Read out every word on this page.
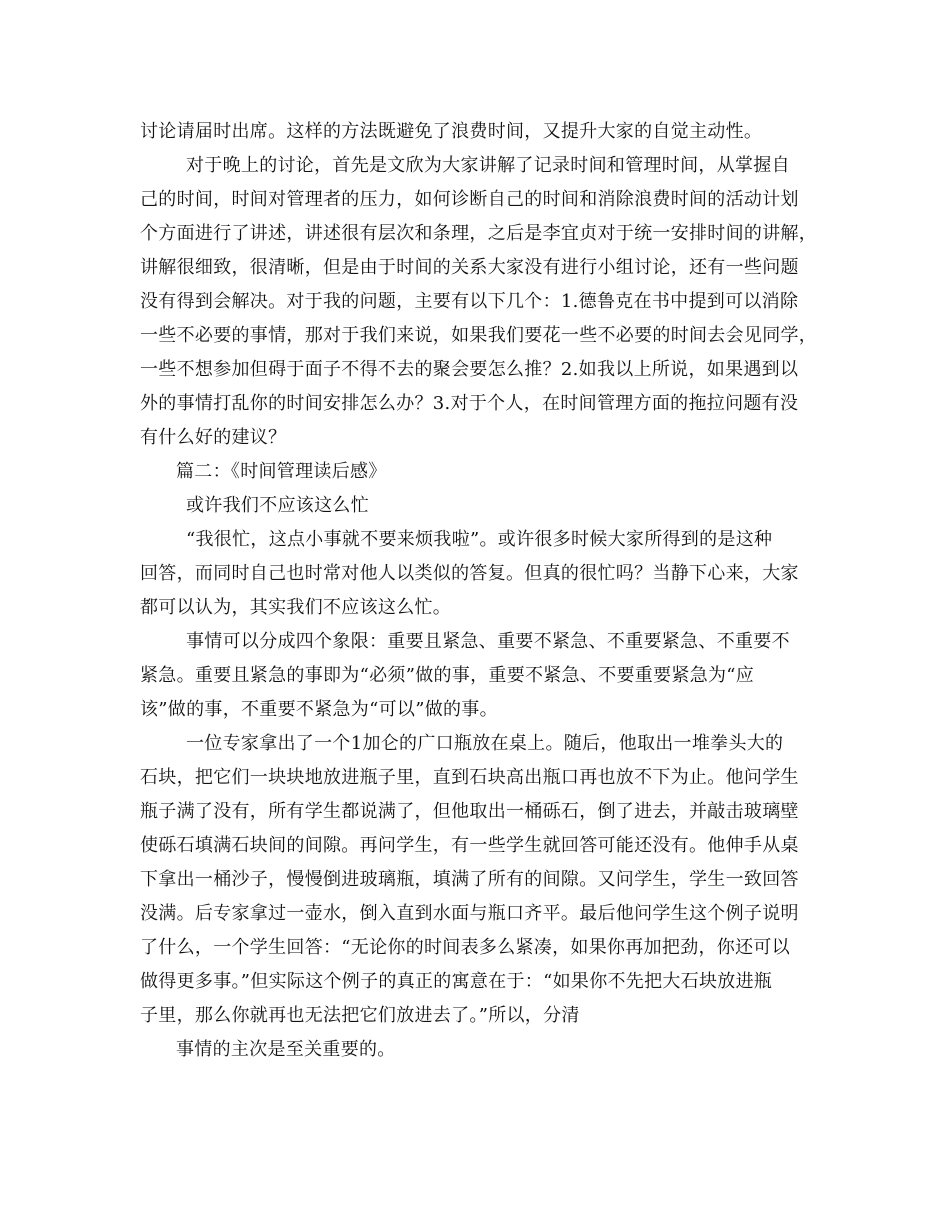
讨论请届时出席。这样的方法既避免了浪费时间，又提升大家的自觉主动性。
对于晚上的讨论，首先是文欣为大家讲解了记录时间和管理时间，从掌握自
己的时间，时间对管理者的压力，如何诊断自己的时间和消除浪费时间的活动计划
个方面进行了讲述，讲述很有层次和条理，之后是李宜贞对于统一安排时间的讲解，
讲解很细致，很清晰，但是由于时间的关系大家没有进行小组讨论，还有一些问题
没有得到会解决。对于我的问题，主要有以下几个：1.德鲁克在书中提到可以消除
一些不必要的事情，那对于我们来说，如果我们要花一些不必要的时间去会见同学，
一些不想参加但碍于面子不得不去的聚会要怎么推？2.如我以上所说，如果遇到以
外的事情打乱你的时间安排怎么办？3.对于个人，在时间管理方面的拖拉问题有没
有什么好的建议？
篇二：《时间管理读后感》
或许我们不应该这么忙
“我很忙，这点小事就不要来烦我啦”。或许很多时候大家所得到的是这种
回答，而同时自己也时常对他人以类似的答复。但真的很忙吗？当静下心来，大家
都可以认为，其实我们不应该这么忙。
事情可以分成四个象限：重要且紧急、重要不紧急、不重要紧急、不重要不
紧急。重要且紧急的事即为“必须”做的事，重要不紧急、不要重要紧急为“应
该”做的事，不重要不紧急为“可以”做的事。
一位专家拿出了一个1加仑的广口瓶放在桌上。随后，他取出一堆拳头大的
石块，把它们一块块地放进瓶子里，直到石块高出瓶口再也放不下为止。他问学生
瓶子满了没有，所有学生都说满了，但他取出一桶砾石，倒了进去，并敲击玻璃壁
使砾石填满石块间的间隙。再问学生，有一些学生就回答可能还没有。他伸手从桌
下拿出一桶沙子，慢慢倒进玻璃瓶，填满了所有的间隙。又问学生，学生一致回答
没满。后专家拿过一壶水，倒入直到水面与瓶口齐平。最后他问学生这个例子说明
了什么，一个学生回答：“无论你的时间表多么紧凑，如果你再加把劲，你还可以
做得更多事。”但实际这个例子的真正的寓意在于：“如果你不先把大石块放进瓶
子里，那么你就再也无法把它们放进去了。”所以，分清
事情的主次是至关重要的。
